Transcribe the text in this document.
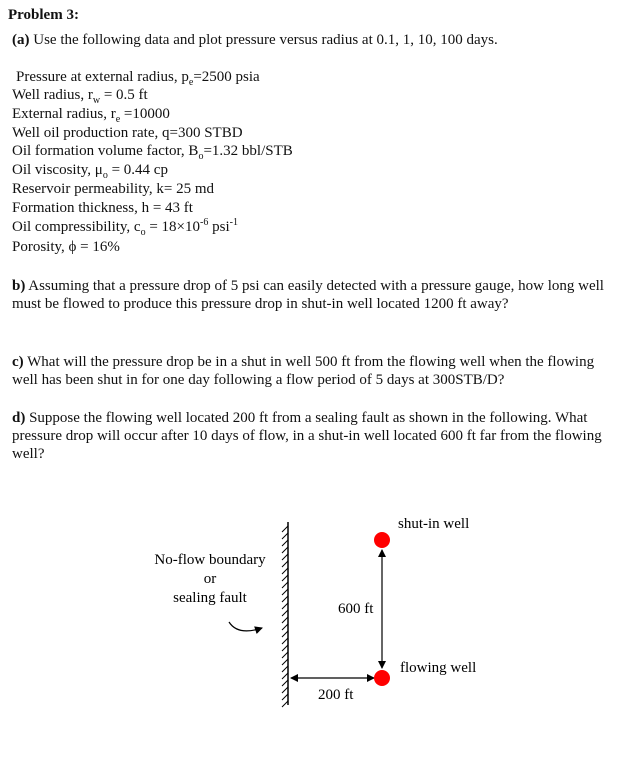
Problem 3:
(a) Use the following data and plot pressure versus radius at 0.1, 1, 10, 100 days.
Pressure at external radius, $p_e=2500$ psia
Well radius, $r_w = 0.5$ ft
External radius, $r_e =10000$
Well oil production rate, q=300 STBD
Oil formation volume factor, $B_o=1.32$ bbl/STB
Oil viscosity, $\mu_o = 0.44$ cp
Reservoir permeability, k= 25 md
Formation thickness, h = 43 ft
Oil compressibility, $c_o = 18\times 10^{-6}$ psi$^{-1}$
Porosity, ϕ = 16%
b) Assuming that a pressure drop of 5 psi can easily detected with a pressure gauge, how long well must be flowed to produce this pressure drop in shut-in well located 1200 ft away?
c) What will the pressure drop be in a shut in well 500 ft from the flowing well when the flowing well has been shut in for one day following a flow period of 5 days at 300STB/D?
d) Suppose the flowing well located 200 ft from a sealing fault as shown in the following. What pressure drop will occur after 10 days of flow, in a shut-in well located 600 ft far from the flowing well?
No-flow boundary
or
sealing fault
shut-in well
flowing well
600 ft
200 ft
